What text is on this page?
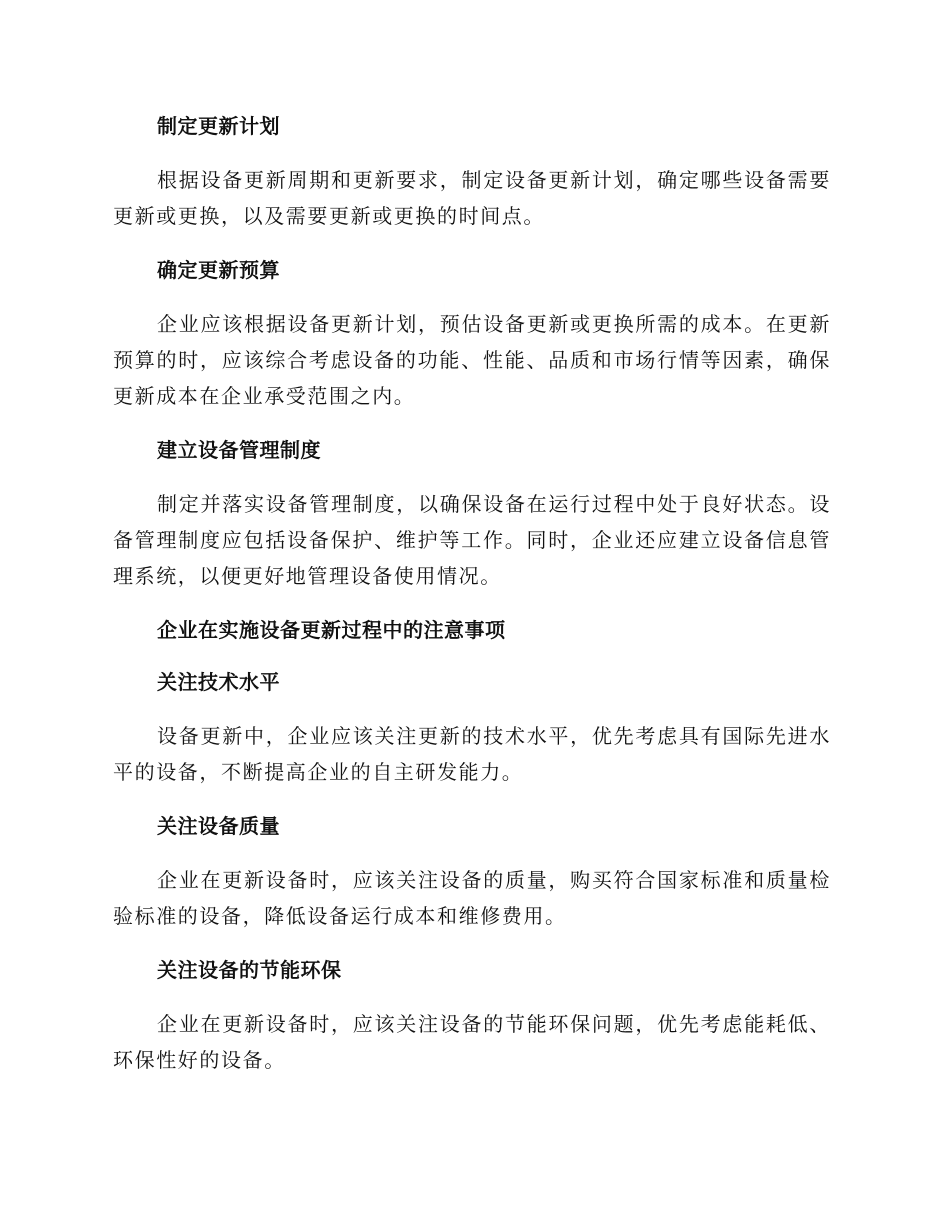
制定更新计划

根据设备更新周期和更新要求，制定设备更新计划，确定哪些设备需要更新或更换，以及需要更新或更换的时间点。

确定更新预算

企业应该根据设备更新计划，预估设备更新或更换所需的成本。在更新预算的时，应该综合考虑设备的功能、性能、品质和市场行情等因素，确保更新成本在企业承受范围之内。

建立设备管理制度

制定并落实设备管理制度，以确保设备在运行过程中处于良好状态。设备管理制度应包括设备保护、维护等工作。同时，企业还应建立设备信息管理系统，以便更好地管理设备使用情况。

企业在实施设备更新过程中的注意事项
关注技术水平

设备更新中，企业应该关注更新的技术水平，优先考虑具有国际先进水平的设备，不断提高企业的自主研发能力。

关注设备质量

企业在更新设备时，应该关注设备的质量，购买符合国家标准和质量检验标准的设备，降低设备运行成本和维修费用。

关注设备的节能环保

企业在更新设备时，应该关注设备的节能环保问题，优先考虑能耗低、环保性好的设备。
